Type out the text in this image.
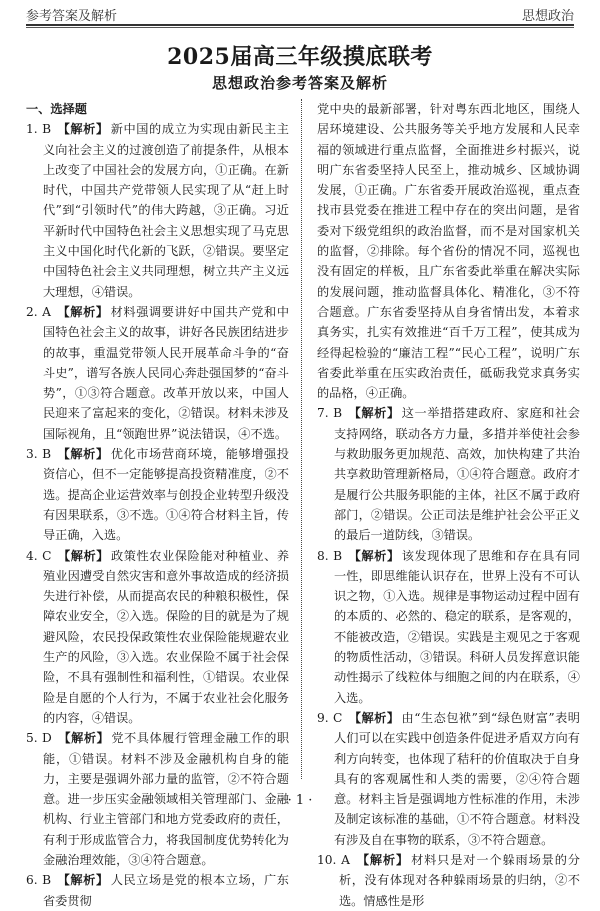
参考答案及解析	思想政治
2025届高三年级摸底联考
思想政治参考答案及解析
一、选择题

1. B 【解析】 新中国的成立为实现由新民主主义向社会主义的过渡创造了前提条件，从根本上改变了中国社会的发展方向，①正确。在新时代，中国共产党带领人民实现了从“赶上时代”到“引领时代”的伟大跨越，③正确。习近平新时代中国特色社会主义思想实现了马克思主义中国化时代化新的飞跃，②错误。要坚定中国特色社会主义共同理想，树立共产主义远大理想，④错误。

2. A 【解析】 材料强调要讲好中国共产党和中国特色社会主义的故事，讲好各民族团结进步的故事，重温党带领人民开展革命斗争的“奋斗史”，谱写各族人民同心奔赴强国梦的“奋斗势”，①③符合题意。改革开放以来，中国人民迎来了富起来的变化，②错误。材料未涉及国际视角，且“领跑世界”说法错误，④不选。

3. B 【解析】 优化市场营商环境，能够增强投资信心，但不一定能够提高投资精准度，②不选。提高企业运营效率与创投企业转型升级没有因果联系，③不选。①④符合材料主旨，传导正确，入选。

4. C 【解析】 政策性农业保险能对种植业、养殖业因遭受自然灾害和意外事故造成的经济损失进行补偿，从而提高农民的种粮积极性，保障农业安全，②入选。保险的目的就是为了规避风险，农民投保政策性农业保险能规避农业生产的风险，③入选。农业保险不属于社会保险，不具有强制性和福利性，①错误。农业保险是自愿的个人行为，不属于农业社会化服务的内容，④错误。

5. D 【解析】 党不具体履行管理金融工作的职能，①错误。材料不涉及金融机构自身的能力，主要是强调外部力量的监管，②不符合题意。进一步压实金融领域相关管理部门、金融机构、行业主管部门和地方党委政府的责任，有利于形成监管合力，将我国制度优势转化为金融治理效能，③④符合题意。

6. B 【解析】 人民立场是党的根本立场，广东省委贯彻

党中央的最新部署，针对粤东西北地区，围绕人居环境建设、公共服务等关乎地方发展和人民幸福的领域进行重点监督，全面推进乡村振兴，说明广东省委坚持人民至上，推动城乡、区域协调发展，①正确。广东省委开展政治巡视，重点查找市县党委在推进工程中存在的突出问题，是省委对下级党组织的政治监督，而不是对国家机关的监督，②排除。每个省份的情况不同，巡视也没有固定的样板，且广东省委此举重在解决实际的发展问题，推动监督具体化、精准化，③不符合题意。广东省委坚持从自身省情出发，本着求真务实，扎实有效推进“百千万工程”，使其成为经得起检验的“廉洁工程”“民心工程”，说明广东省委此举重在压实政治责任，砥砺我党求真务实的品格，④正确。

7. B 【解析】 这一举措搭建政府、家庭和社会支持网络，联动各方力量，多措并举使社会参与救助服务更加规范、高效，加快构建了共治共享救助管理新格局，①④符合题意。政府才是履行公共服务职能的主体，社区不属于政府部门，②错误。公正司法是维护社会公平正义的最后一道防线，③错误。

8. B 【解析】 该发现体现了思维和存在具有同一性，即思维能认识存在，世界上没有不可认识之物，①入选。规律是事物运动过程中固有的本质的、必然的、稳定的联系，是客观的，不能被改造，②错误。实践是主观见之于客观的物质性活动，③错误。科研人员发挥意识能动性揭示了线粒体与细胞之间的内在联系，④入选。

9. C 【解析】 由“生态包袱”到“绿色财富”表明人们可以在实践中创造条件促进矛盾双方向有利方向转变，也体现了秸秆的价值取决于自身具有的客观属性和人类的需要，②④符合题意。材料主旨是强调地方性标准的作用，未涉及制定该标准的基础，①不符合题意。材料没有涉及自在事物的联系，③不符合题意。

10. A 【解析】 材料只是对一个躲雨场景的分析，没有体现对各种躲雨场景的归纳，②不选。情感性是形

· 1 ·
